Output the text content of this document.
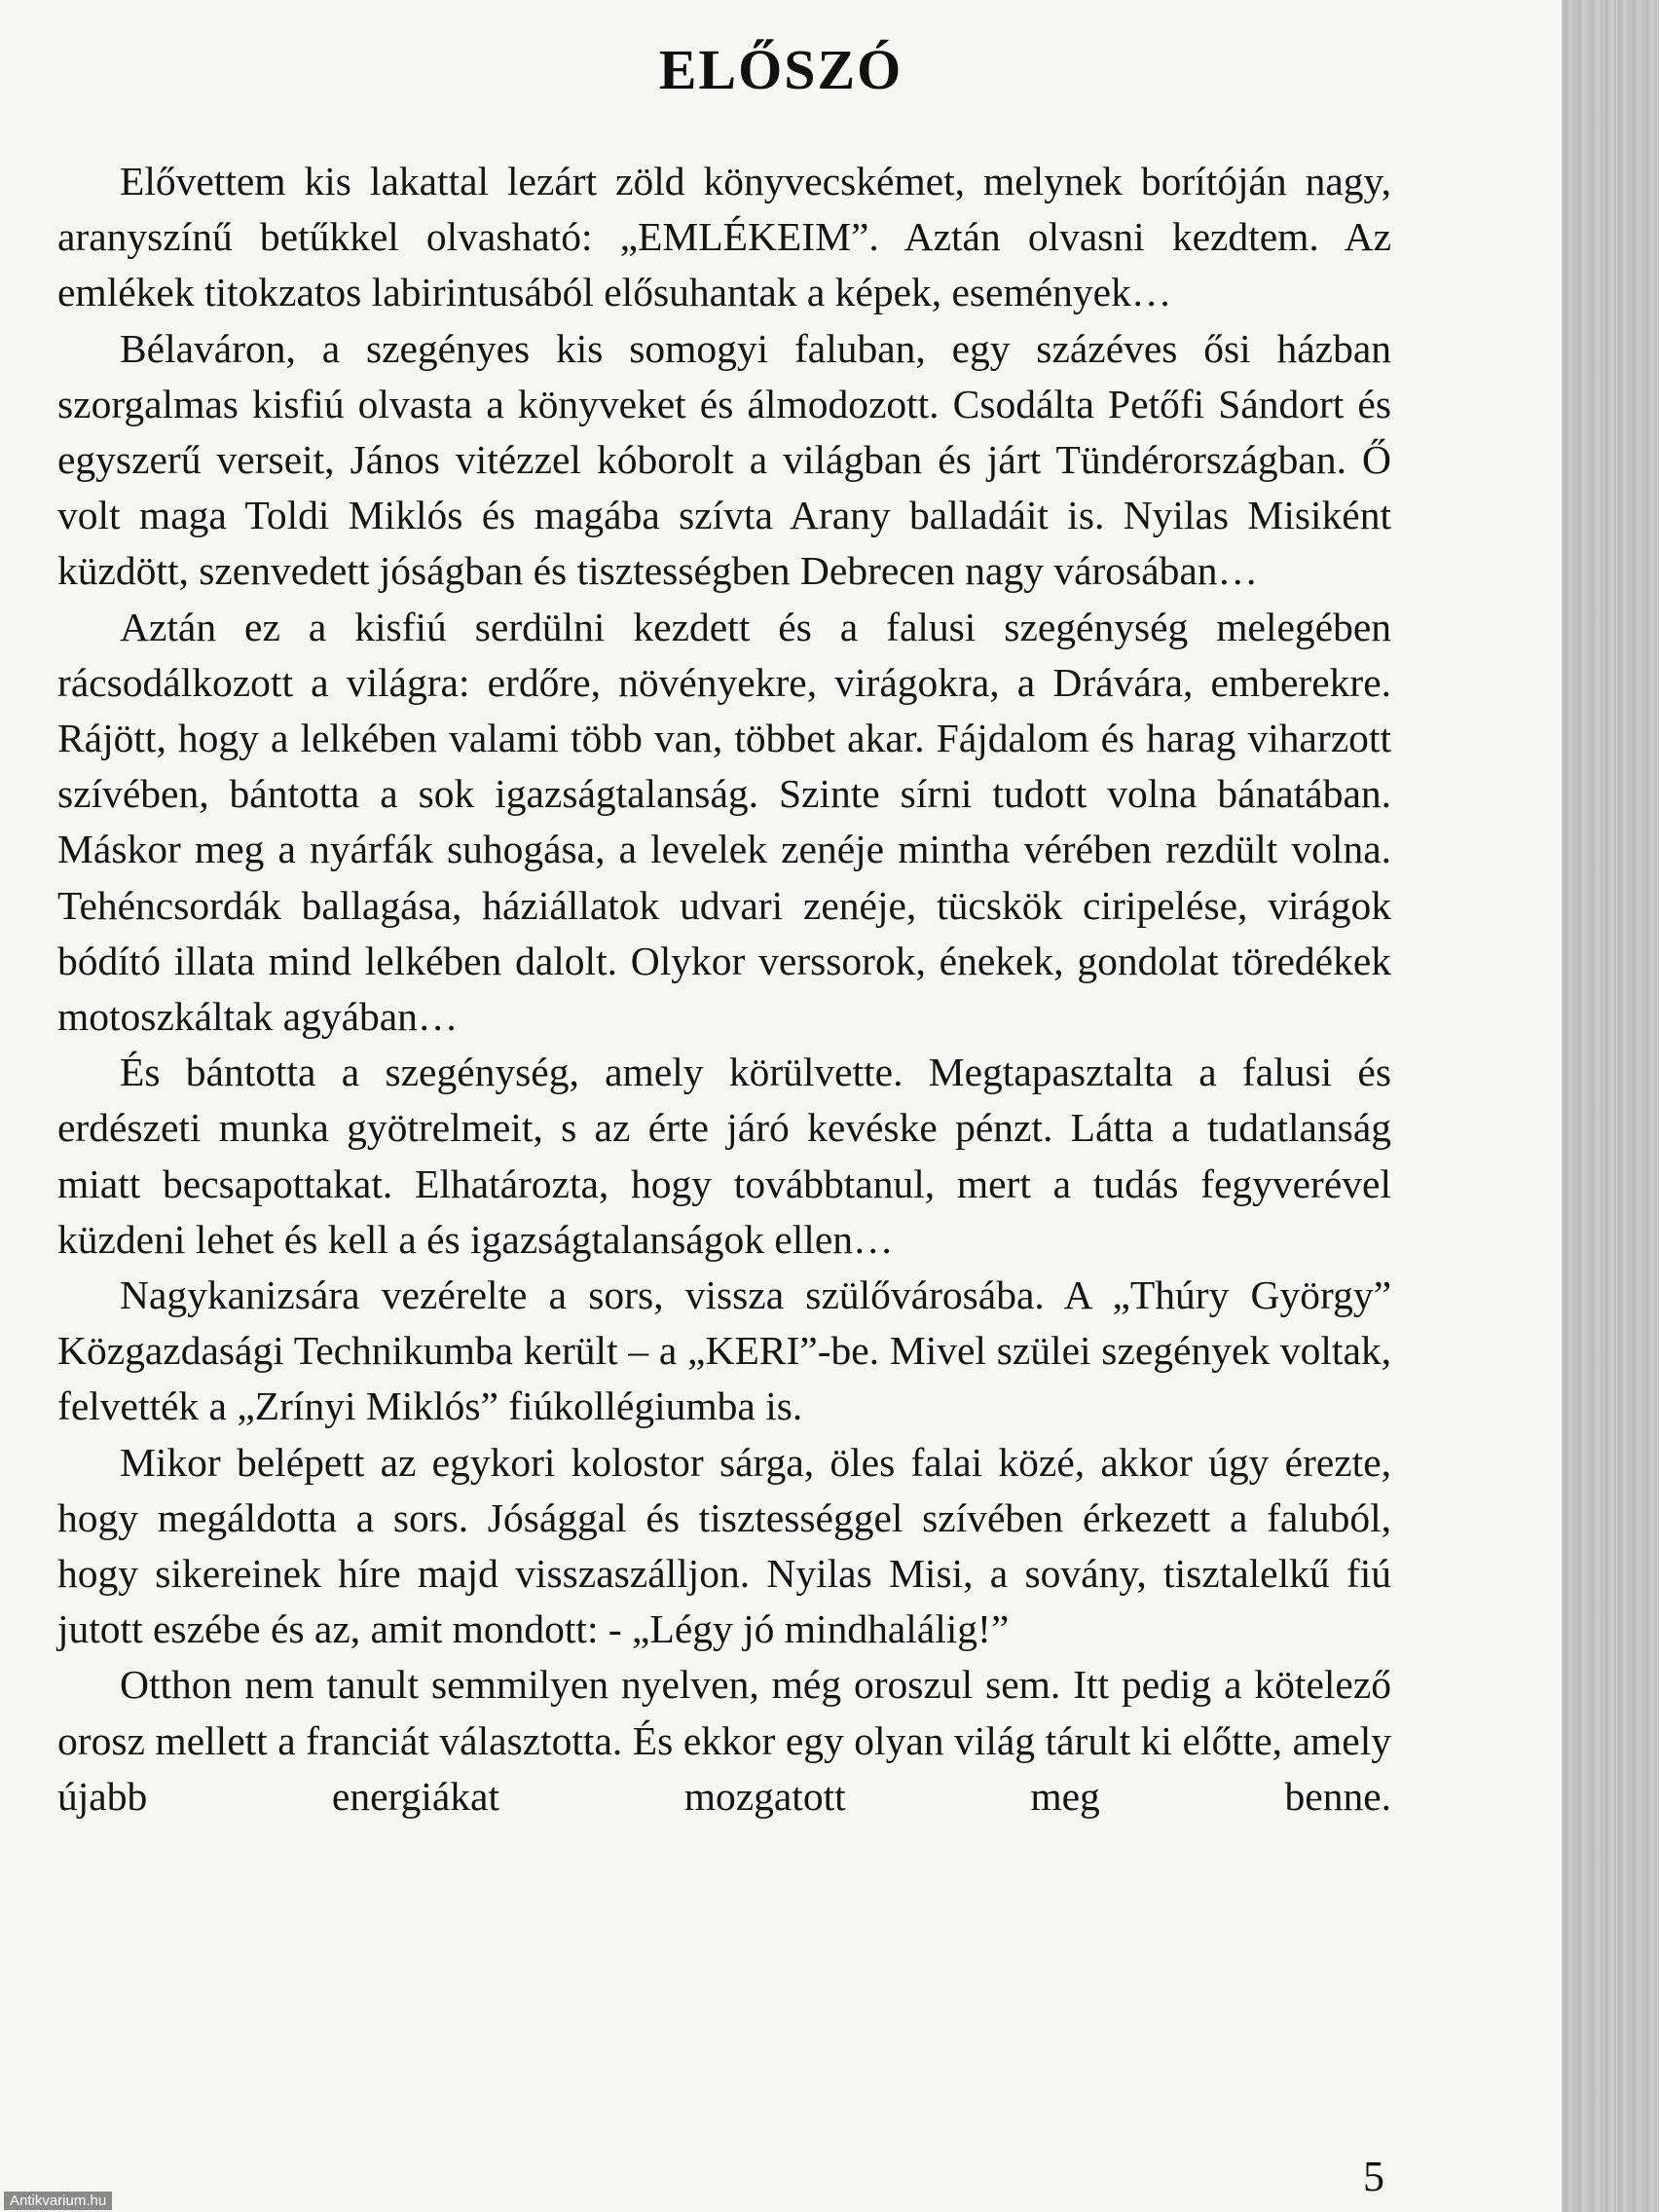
ELŐSZÓ

Elővettem kis lakattal lezárt zöld könyvecskémet, melynek borítóján nagy, aranyszínű betűkkel olvasható: „EMLÉKEIM”. Aztán olvasni kezdtem. Az emlékek titokzatos labirintusából elősuhantak a képek, események…

Bélaváron, a szegényes kis somogyi faluban, egy százéves ősi házban szorgalmas kisfiú olvasta a könyveket és álmodozott. Csodálta Petőfi Sándort és egyszerű verseit, János vitézzel kóborolt a világban és járt Tündérországban. Ő volt maga Toldi Miklós és magába szívta Arany balladáit is. Nyilas Misiként küzdött, szenvedett jóságban és tisztességben Debrecen nagy városában…

Aztán ez a kisfiú serdülni kezdett és a falusi szegénység melegében rácsodálkozott a világra: erdőre, növényekre, virágokra, a Drávára, emberekre. Rájött, hogy a lelkében valami több van, többet akar. Fájdalom és harag viharzott szívében, bántotta a sok igazságtalanság. Szinte sírni tudott volna bánatában. Máskor meg a nyárfák suhogása, a levelek zenéje mintha vérében rezdült volna. Tehéncsordák ballagása, háziállatok udvari zenéje, tücskök ciripelése, virágok bódító illata mind lelkében dalolt. Olykor verssorok, énekek, gondolat töredékek motoszkáltak agyában…

És bántotta a szegénység, amely körülvette. Megtapasztalta a falusi és erdészeti munka gyötrelmeit, s az érte járó kevéske pénzt. Látta a tudatlanság miatt becsapottakat. Elhatározta, hogy továbbtanul, mert a tudás fegyverével küzdeni lehet és kell a és igazságtalanságok ellen…

Nagykanizsára vezérelte a sors, vissza szülővárosába. A „Thúry György” Közgazdasági Technikumba került – a „KERI”-be. Mivel szülei szegények voltak, felvették a „Zrínyi Miklós” fiúkollégiumba is.

Mikor belépett az egykori kolostor sárga, öles falai közé, akkor úgy érezte, hogy megáldotta a sors. Jósággal és tisztességgel szívében érkezett a faluból, hogy sikereinek híre majd visszaszálljon. Nyilas Misi, a sovány, tisztalelkű fiú jutott eszébe és az, amit mondott: - „Légy jó mindhalálig!”

Otthon nem tanult semmilyen nyelven, még oroszul sem. Itt pedig a kötelező orosz mellett a franciát választotta. És ekkor egy olyan világ tárult ki előtte, amely újabb energiákat mozgatott meg benne.

5
Antikvarium.hu
